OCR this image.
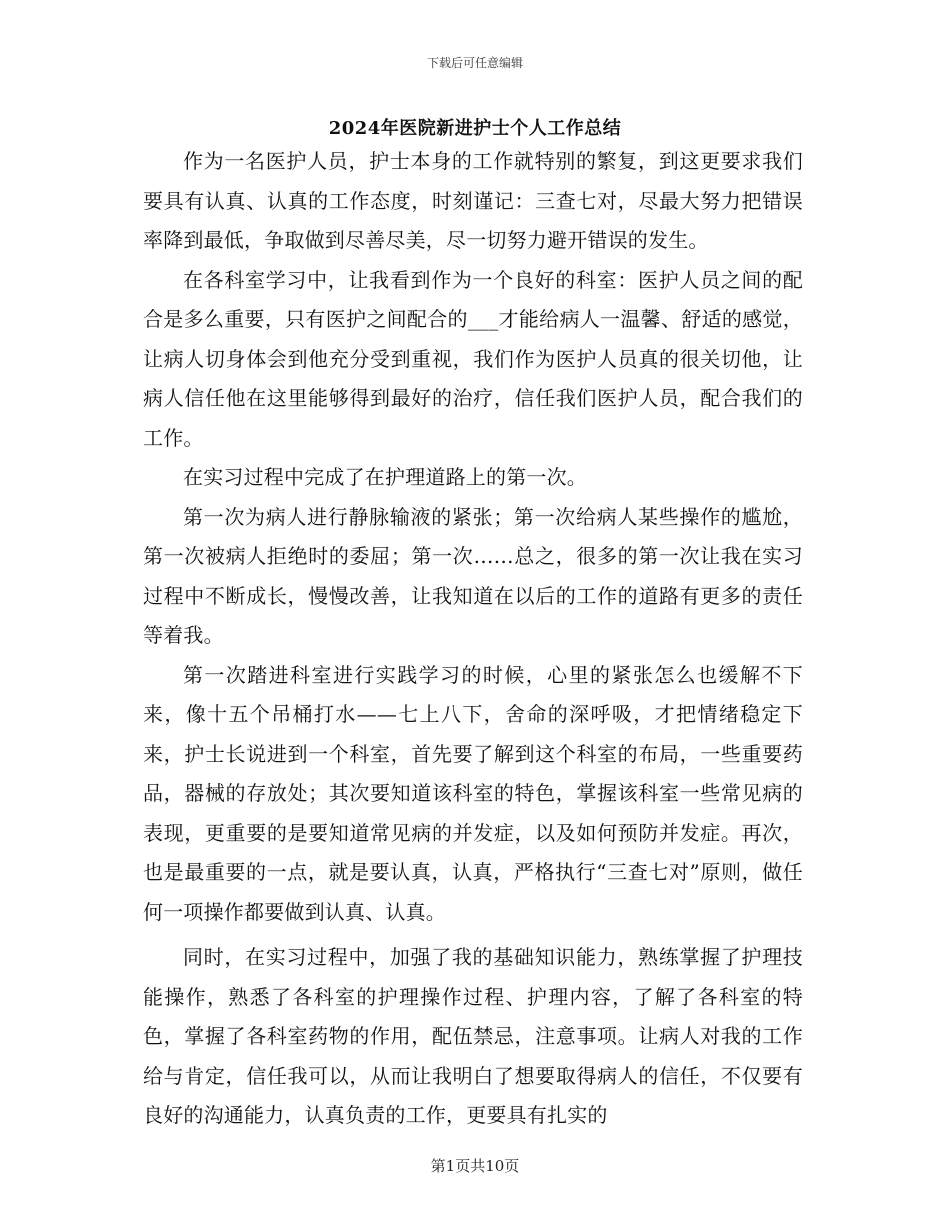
下载后可任意编辑
2024年医院新进护士个人工作总结

作为一名医护人员，护士本身的工作就特别的繁复，到这更要求我们要具有认真、认真的工作态度，时刻谨记：三查七对，尽最大努力把错误率降到最低，争取做到尽善尽美，尽一切努力避开错误的发生。

在各科室学习中，让我看到作为一个良好的科室：医护人员之间的配合是多么重要，只有医护之间配合的___才能给病人一温馨、舒适的感觉，让病人切身体会到他充分受到重视，我们作为医护人员真的很关切他，让病人信任他在这里能够得到最好的治疗，信任我们医护人员，配合我们的工作。

在实习过程中完成了在护理道路上的第一次。

第一次为病人进行静脉输液的紧张；第一次给病人某些操作的尴尬，第一次被病人拒绝时的委屈；第一次……总之，很多的第一次让我在实习过程中不断成长，慢慢改善，让我知道在以后的工作的道路有更多的责任等着我。

第一次踏进科室进行实践学习的时候，心里的紧张怎么也缓解不下来，像十五个吊桶打水——七上八下，舍命的深呼吸，才把情绪稳定下来，护士长说进到一个科室，首先要了解到这个科室的布局，一些重要药品，器械的存放处；其次要知道该科室的特色，掌握该科室一些常见病的表现，更重要的是要知道常见病的并发症，以及如何预防并发症。再次，也是最重要的一点，就是要认真，认真，严格执行“三查七对”原则，做任何一项操作都要做到认真、认真。

同时，在实习过程中，加强了我的基础知识能力，熟练掌握了护理技能操作，熟悉了各科室的护理操作过程、护理内容，了解了各科室的特色，掌握了各科室药物的作用，配伍禁忌，注意事项。让病人对我的工作给与肯定，信任我可以，从而让我明白了想要取得病人的信任，不仅要有良好的沟通能力，认真负责的工作，更要具有扎实的

第1页共10页
